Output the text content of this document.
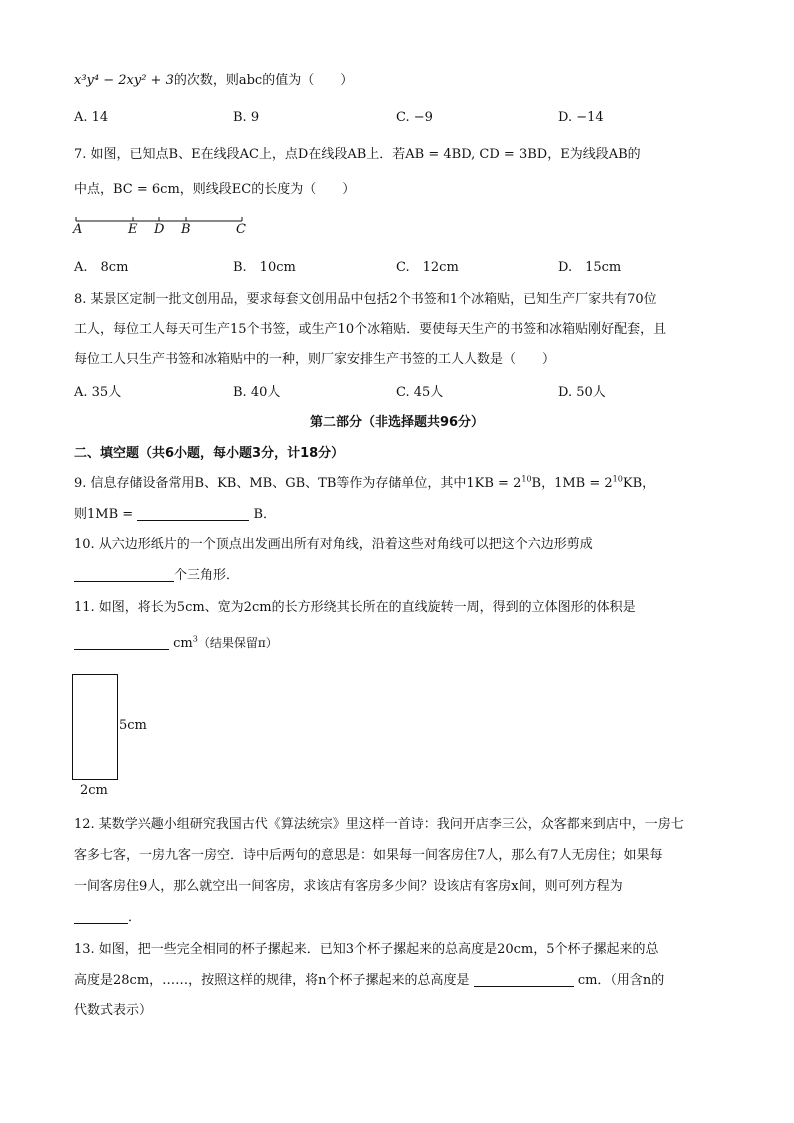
x³y⁴ − 2xy² + 3的次数，则abc的值为（　　）
A. 14	B. 9	C. −9	D. −14
7. 如图，已知点B、E在线段AC上，点D在线段AB上．若AB = 4BD, CD = 3BD，E为线段AB的
中点，BC = 6cm，则线段EC的长度为（　　）
A	E D B	C
A.　8cm	B.　10cm	C.　12cm	D.　15cm
8. 某景区定制一批文创用品，要求每套文创用品中包括2个书签和1个冰箱贴，已知生产厂家共有70位
工人，每位工人每天可生产15个书签，或生产10个冰箱贴．要使每天生产的书签和冰箱贴刚好配套，且
每位工人只生产书签和冰箱贴中的一种，则厂家安排生产书签的工人人数是（　　）
A. 35人	B. 40人	C. 45人	D. 50人
第二部分（非选择题共96分）
二、填空题（共6小题，每小题3分，计18分）
9. 信息存储设备常用B、KB、MB、GB、TB等作为存储单位，其中$1KB = 2^{10}B$，$1MB = 2^{10}KB$，
则1MB =	B．
10. 从六边形纸片的一个顶点出发画出所有对角线，沿着这些对角线可以把这个六边形剪成
个三角形．
11. 如图，将长为5cm、宽为2cm的长方形绕其长所在的直线旋转一周，得到的立体图形的体积是
$cm^3$（结果保留π）
5cm
2cm
12. 某数学兴趣小组研究我国古代《算法统宗》里这样一首诗：我问开店李三公，众客都来到店中，一房七
客多七客，一房九客一房空．诗中后两句的意思是：如果每一间客房住7人，那么有7人无房住；如果每
一间客房住9人，那么就空出一间客房，求该店有客房多少间？设该店有客房x间，则可列方程为
．
13. 如图，把一些完全相同的杯子摞起来．已知3个杯子摞起来的总高度是20cm，5个杯子摞起来的总
高度是28cm，……，按照这样的规律，将n个杯子摞起来的总高度是	cm．（用含n的
代数式表示）
